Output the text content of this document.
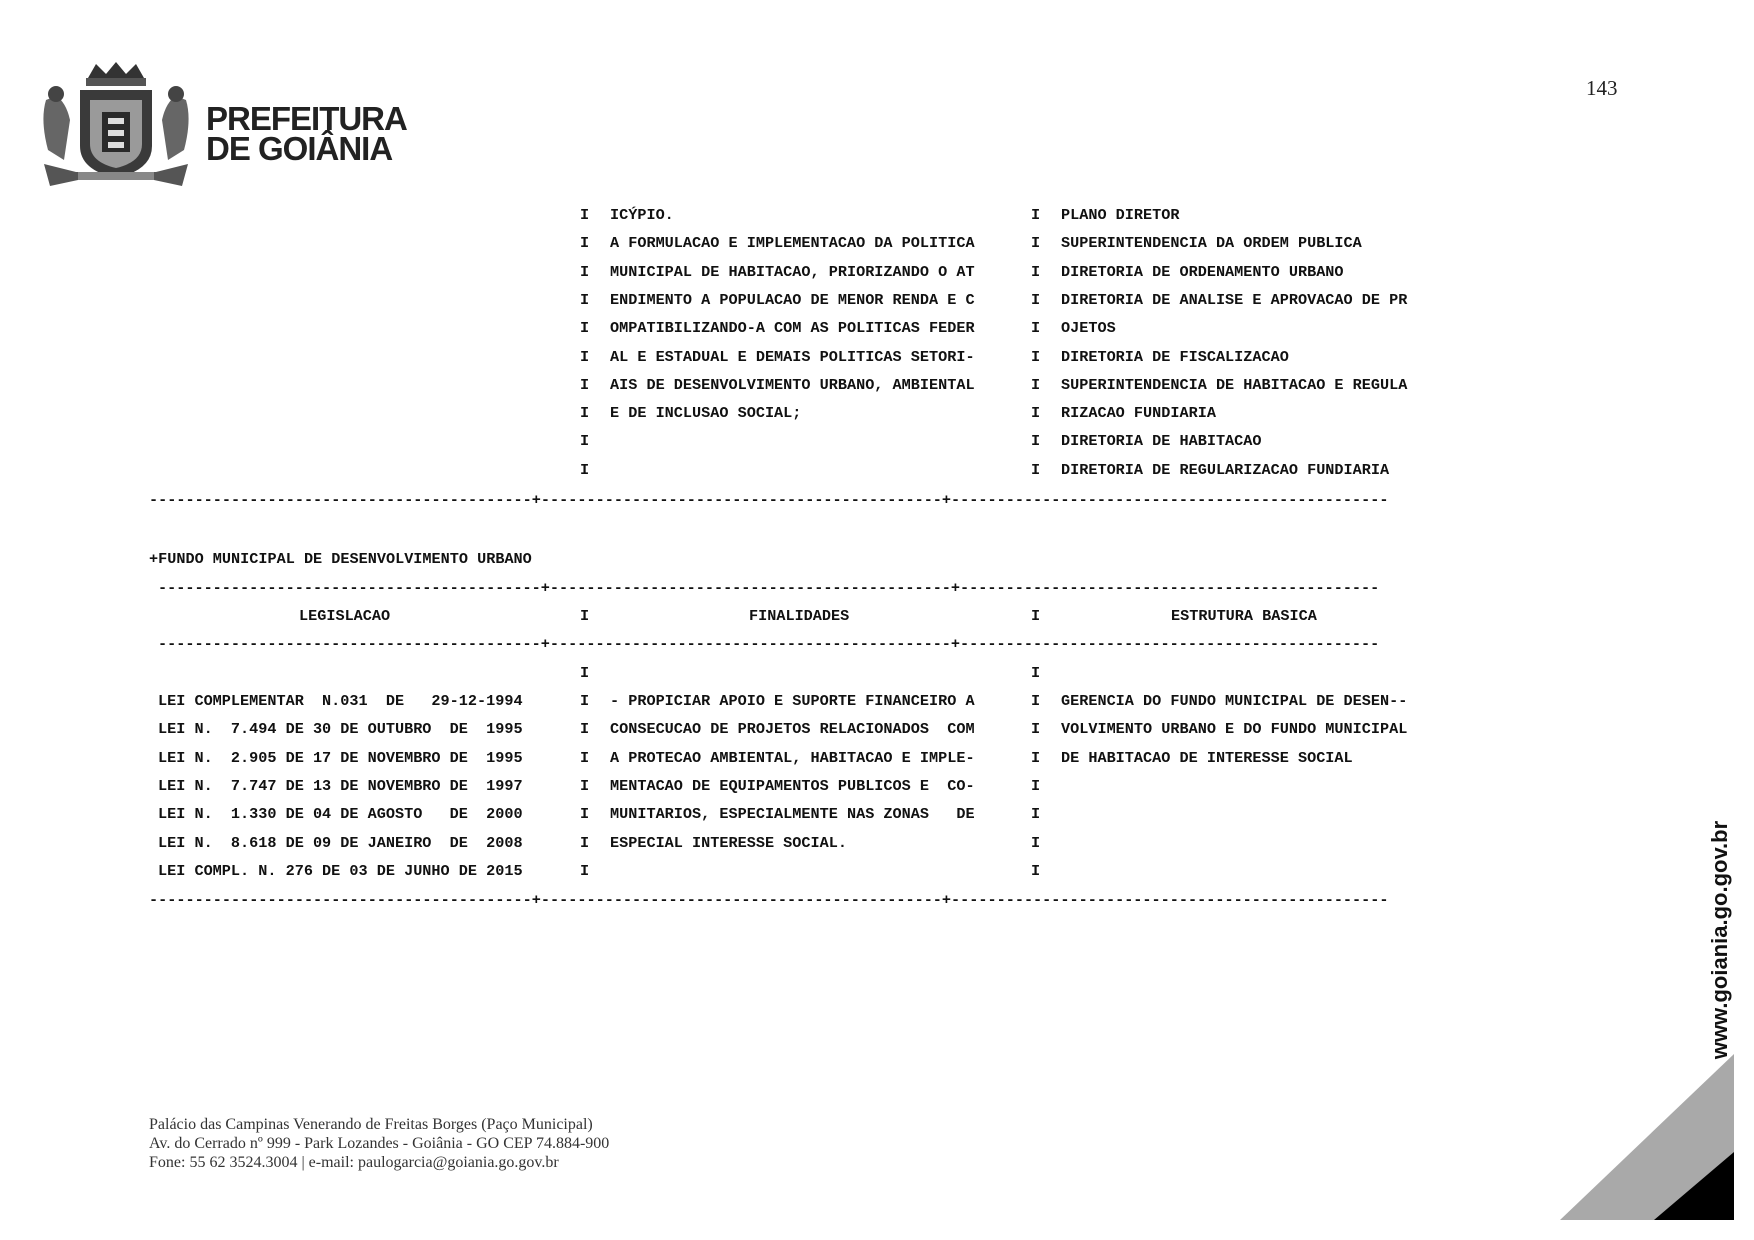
PREFEITURA
DE GOIÂNIA
143
I ICÝPIO.	I PLANO DIRETOR
I A FORMULACAO E IMPLEMENTACAO DA POLITICA	I SUPERINTENDENCIA DA ORDEM PUBLICA
I MUNICIPAL DE HABITACAO, PRIORIZANDO O AT	I DIRETORIA DE ORDENAMENTO URBANO
I ENDIMENTO A POPULACAO DE MENOR RENDA E C	I DIRETORIA DE ANALISE E APROVACAO DE PR
I OMPATIBILIZANDO-A COM AS POLITICAS FEDER	I OJETOS
I AL E ESTADUAL E DEMAIS POLITICAS SETORI-	I DIRETORIA DE FISCALIZACAO
I AIS DE DESENVOLVIMENTO URBANO, AMBIENTAL	I SUPERINTENDENCIA DE HABITACAO E REGULA
I E DE INCLUSAO SOCIAL;	I RIZACAO FUNDIARIA
I	I DIRETORIA DE HABITACAO
I	I DIRETORIA DE REGULARIZACAO FUNDIARIA
------------------------------------------+--------------------------------------------+------------------------------------------------
+FUNDO MUNICIPAL DE DESENVOLVIMENTO URBANO
------------------------------------------+--------------------------------------------+----------------------------------------------
LEGISLACAO	I	FINALIDADES	I	ESTRUTURA BASICA
------------------------------------------+--------------------------------------------+----------------------------------------------
I	I
LEI COMPLEMENTAR  N.031  DE   29-12-1994	I - PROPICIAR APOIO E SUPORTE FINANCEIRO A	I GERENCIA DO FUNDO MUNICIPAL DE DESEN--
LEI N.  7.494 DE 30 DE OUTUBRO  DE  1995	I CONSECUCAO DE PROJETOS RELACIONADOS  COM	I VOLVIMENTO URBANO E DO FUNDO MUNICIPAL
LEI N.  2.905 DE 17 DE NOVEMBRO DE  1995	I A PROTECAO AMBIENTAL, HABITACAO E IMPLE-	I DE HABITACAO DE INTERESSE SOCIAL
LEI N.  7.747 DE 13 DE NOVEMBRO DE  1997	I MENTACAO DE EQUIPAMENTOS PUBLICOS E  CO-	I
LEI N.  1.330 DE 04 DE AGOSTO   DE  2000	I MUNITARIOS, ESPECIALMENTE NAS ZONAS   DE	I
LEI N.  8.618 DE 09 DE JANEIRO  DE  2008	I ESPECIAL INTERESSE SOCIAL.	I
LEI COMPL. N. 276 DE 03 DE JUNHO DE 2015	I	I
------------------------------------------+--------------------------------------------+------------------------------------------------
Palácio das Campinas Venerando de Freitas Borges (Paço Municipal)
Av. do Cerrado nº 999 - Park Lozandes - Goiânia - GO CEP 74.884-900
Fone: 55 62 3524.3004 | e-mail: paulogarcia@goiania.go.gov.br
www.goiania.go.gov.br
